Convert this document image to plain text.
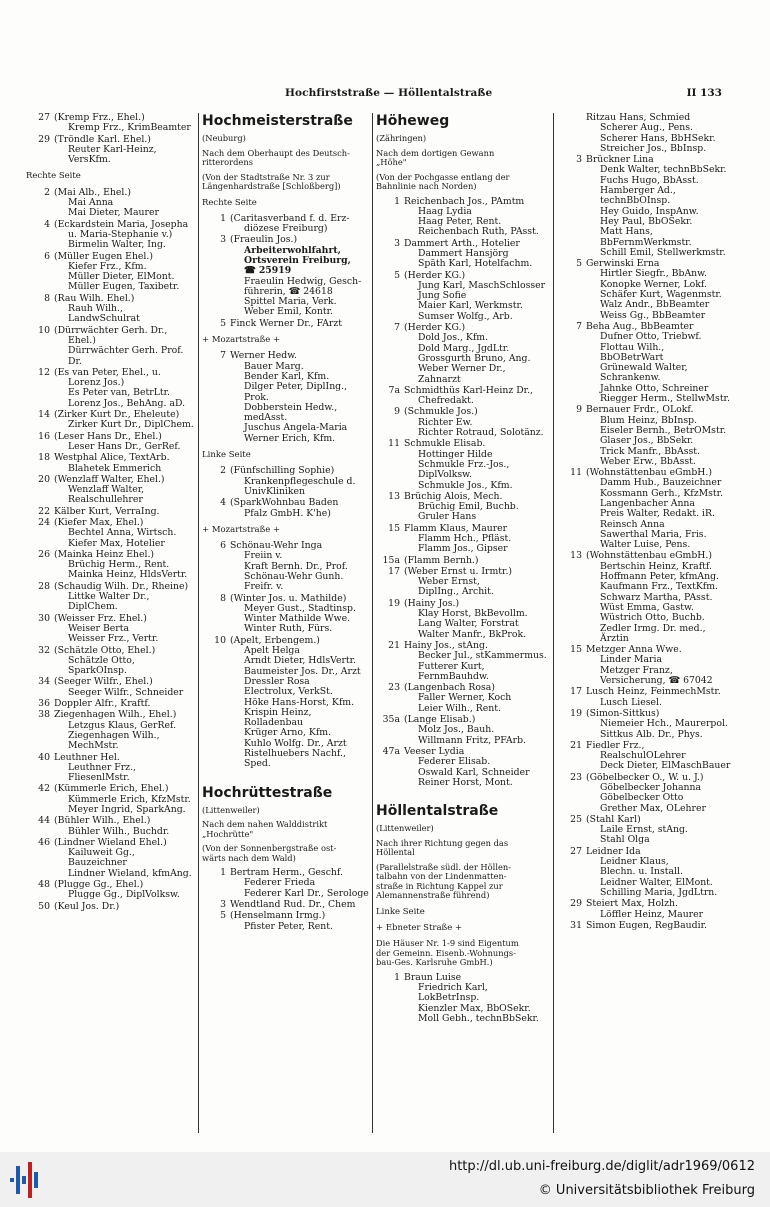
Hochfirststraße — Höllentalstraße	II 133
27 (Kremp Frz., Ehel.)
Kremp Frz., KrimBeamter
29 (Tröndle Karl. Ehel.)
Reuter Karl-Heinz,
VersKfm.
Rechte Seite
2 (Mai Alb., Ehel.)
Mai Anna
Mai Dieter, Maurer
4 (Eckardstein Maria, Josepha
u. Maria-Stephanie v.)
Birmelin Walter, Ing.
6 (Müller Eugen Ehel.)
Kiefer Frz., Kfm.
Müller Dieter, ElMont.
Müller Eugen, Taxibetr.
8 (Rau Wilh. Ehel.)
Rauh Wilh., LandwSchulrat
10 (Dürrwächter Gerh. Dr.,
Ehel.)
Dürrwächter Gerh. Prof. Dr.
12 (Es van Peter, Ehel., u.
Lorenz Jos.)
Es Peter van, BetrLtr.
Lorenz Jos., BehAng. aD.
14 (Zirker Kurt Dr., Eheleute)
Zirker Kurt Dr., DiplChem.
16 (Leser Hans Dr., Ehel.)
Leser Hans Dr., GerRef.
18 Westphal Alice, TextArb.
Blahetek Emmerich
20 (Wenzlaff Walter, Ehel.)
Wenzlaff Walter,
Realschullehrer
22 Kälber Kurt, VerraIng.
24 (Kiefer Max, Ehel.)
Bechtel Anna, Wirtsch.
Kiefer Max, Hotelier
26 (Mainka Heinz Ehel.)
Brüchig Herm., Rent.
Mainka Heinz, HldsVertr.
28 (Schaudig Wilh. Dr., Rheine)
Littke Walter Dr., DiplChem.
30 (Weisser Frz. Ehel.)
Weiser Berta
Weisser Frz., Vertr.
32 (Schätzle Otto, Ehel.)
Schätzle Otto, SparkOInsp.
34 (Seeger Wilfr., Ehel.)
Seeger Wilfr., Schneider
36 Doppler Alfr., Kraftf.
38 Ziegenhagen Wilh., Ehel.)
Letzgus Klaus, GerRef.
Ziegenhagen Wilh.,
MechMstr.
40 Leuthner Hel.
Leuthner Frz., FliesenlMstr.
42 (Kümmerle Erich, Ehel.)
Kümmerle Erich, KfzMstr.
Meyer Ingrid, SparkAng.
44 (Bühler Wilh., Ehel.)
Bühler Wilh., Buchdr.
46 (Lindner Wieland Ehel.)
Kailuweit Gg., Bauzeichner
Lindner Wieland, kfmAng.
48 (Plugge Gg., Ehel.)
Plugge Gg., DiplVolksw.
50 (Keul Jos. Dr.)
Hochmeisterstraße
(Neuburg)
Nach dem Oberhaupt des Deutsch-
ritterordens
(Von der Stadtstraße Nr. 3 zur
Längenhardstraße [Schloßberg])
Rechte Seite
1 (Caritasverband f. d. Erz-
diözese Freiburg)
3 (Fraeulin Jos.)
Arbeiterwohlfahrt,
Ortsverein Freiburg,
☎ 25919
Fraeulin Hedwig, Gesch-
führerin, ☎ 24618
Spittel Maria, Verk.
Weber Emil, Kontr.
5 Finck Werner Dr., FArzt
+ Mozartstraße +
7 Werner Hedw.
Bauer Marg.
Bender Karl, Kfm.
Dilger Peter, DiplIng., Prok.
Dobberstein Hedw.,
medAsst.
Juschus Angela-Maria
Werner Erich, Kfm.
Linke Seite
2 (Fünfschilling Sophie)
Krankenpflegeschule d.
UnivKliniken
4 (SparkWohnbau Baden
Pfalz GmbH. K'he)
+ Mozartstraße +
6 Schönau-Wehr Inga
Freiin v.
Kraft Bernh. Dr., Prof.
Schönau-Wehr Gunh.
Freifr. v.
8 (Winter Jos. u. Mathilde)
Meyer Gust., Stadtinsp.
Winter Mathilde Wwe.
Winter Ruth, Fürs.
10 (Apelt, Erbengem.)
Apelt Helga
Arndt Dieter, HdlsVertr.
Baumeister Jos. Dr., Arzt
Dressler Rosa
Electrolux, VerkSt.
Höke Hans-Horst, Kfm.
Krispin Heinz, Rolladenbau
Krüger Arno, Kfm.
Kuhlo Wolfg. Dr., Arzt
Ristelhuebers Nachf., Sped.
Hochrüttestraße
(Littenweiler)
Nach dem nahen Walddistrikt
„Hochrütte"
(Von der Sonnenbergstraße ost-
wärts nach dem Wald)
1 Bertram Herm., Geschf.
Federer Frieda
Federer Karl Dr., Serologe
3 Wendtland Rud. Dr., Chem
5 (Henselmann Irmg.)
Pfister Peter, Rent.
Höheweg
(Zähringen)
Nach dem dortigen Gewann
„Höhe"
(Von der Pochgasse entlang der
Bahnlinie nach Norden)
1 Reichenbach Jos., PAmtm
Haag Lydia
Haag Peter, Rent.
Reichenbach Ruth, PAsst.
3 Dammert Arth., Hotelier
Dammert Hansjörg
Späth Karl, Hotelfachm.
5 (Herder KG.)
Jung Karl, MaschSchlosser
Jung Sofie
Maier Karl, Werkmstr.
Sumser Wolfg., Arb.
7 (Herder KG.)
Dold Jos., Kfm.
Dold Marg., JgdLtr.
Grossgurth Bruno, Ang.
Weber Werner Dr., Zahnarzt
7a Schmidthüs Karl-Heinz Dr.,
Chefredakt.
9 (Schmukle Jos.)
Richter Ew.
Richter Rotraud, Solotänz.
11 Schmukle Elisab.
Hottinger Hilde
Schmukle Frz.-Jos.,
DiplVolksw.
Schmukle Jos., Kfm.
13 Brüchig Alois, Mech.
Brüchig Emil, Buchb.
Gruler Hans
15 Flamm Klaus, Maurer
Flamm Hch., Pfläst.
Flamm Jos., Gipser
15a (Flamm Bernh.)
17 (Weber Ernst u. Irmtr.)
Weber Ernst,
DiplIng., Archit.
19 (Hainy Jos.)
Klay Horst, BkBevollm.
Lang Walter, Forstrat
Walter Manfr., BkProk.
21 Hainy Jos., stAng.
Becker Jul., stKammermus.
Futterer Kurt,
FernmBauhdw.
23 (Langenbach Rosa)
Faller Werner, Koch
Leier Wilh., Rent.
35a (Lange Elisab.)
Molz Jos., Bauh.
Willmann Fritz, PFArb.
47a Veeser Lydia
Federer Elisab.
Oswald Karl, Schneider
Reiner Horst, Mont.
Höllentalstraße
(Littenweiler)
Nach ihrer Richtung gegen das
Höllental
(Parallelstraße südl. der Höllen-
talbahn von der Lindenmatten-
straße in Richtung Kappel zur
Alemannenstraße führend)
Linke Seite
+ Ebneter Straße +
Die Häuser Nr. 1-9 sind Eigentum
der Gemeinn. Eisenb.-Wohnungs-
bau-Ges. Karlsruhe GmbH.)
1 Braun Luise
Friedrich Karl,
LokBetrInsp.
Kienzler Max, BbOSekr.
Moll Gebh., technBbSekr.
Ritzau Hans, Schmied
Scherer Aug., Pens.
Scherer Hans, BbHSekr.
Streicher Jos., BbInsp.
3 Brückner Lina
Denk Walter, technBbSekr.
Fuchs Hugo, BbAsst.
Hamberger Ad.,
technBbOInsp.
Hey Guido, InspAnw.
Hey Paul, BbOSekr.
Matt Hans,
BbFernmWerkmstr.
Schill Emil, Stellwerkmstr.
5 Gerwinski Erna
Hirtler Siegfr., BbAnw.
Konopke Werner, Lokf.
Schäfer Kurt, Wagenmstr.
Walz Andr., BbBeamter
Weiss Gg., BbBeamter
7 Beha Aug., BbBeamter
Dufner Otto, Triebwf.
Flottau Wilh.,
BbOBetrWart
Grünewald Walter,
Schrankenw.
Jahnke Otto, Schreiner
Riegger Herm., StellwMstr.
9 Bernauer Frdr., OLokf.
Blum Heinz, BbInsp.
Eiseler Bernh., BetrOMstr.
Glaser Jos., BbSekr.
Trick Manfr., BbAsst.
Weber Erw., BbAsst.
11 (Wohnstättenbau eGmbH.)
Damm Hub., Bauzeichner
Kossmann Gerh., KfzMstr.
Langenbacher Anna
Preis Walter, Redakt. iR.
Reinsch Anna
Sawerthal Maria, Fris.
Walter Luise, Pens.
13 (Wohnstättenbau eGmbH.)
Bertschin Heinz, Kraftf.
Hoffmann Peter, kfmAng.
Kaufmann Frz., TextKfm.
Schwarz Martha, PAsst.
Wüst Emma, Gastw.
Wüstrich Otto, Buchb.
Zedler Irmg. Dr. med.,
Ärztin
15 Metzger Anna Wwe.
Linder Maria
Metzger Franz,
Versicherung, ☎ 67042
17 Lusch Heinz, FeinmechMstr.
Lusch Liesel.
19 (Simon-Sittkus)
Niemeier Hch., Maurerpol.
Sittkus Alb. Dr., Phys.
21 Fiedler Frz.,
RealschulOLehrer
Deck Dieter, ElMaschBauer
23 (Göbelbecker O., W. u. J.)
Göbelbecker Johanna
Göbelbecker Otto
Grether Max, OLehrer
25 (Stahl Karl)
Laile Ernst, stAng.
Stahl Olga
27 Leidner Ida
Leidner Klaus,
Blechn. u. Install.
Leidner Walter, ElMont.
Schilling Maria, JgdLtrn.
29 Steiert Max, Holzh.
Löffler Heinz, Maurer
31 Simon Eugen, RegBaudir.
http://dl.ub.uni-freiburg.de/diglit/adr1969/0612
© Universitätsbibliothek Freiburg
